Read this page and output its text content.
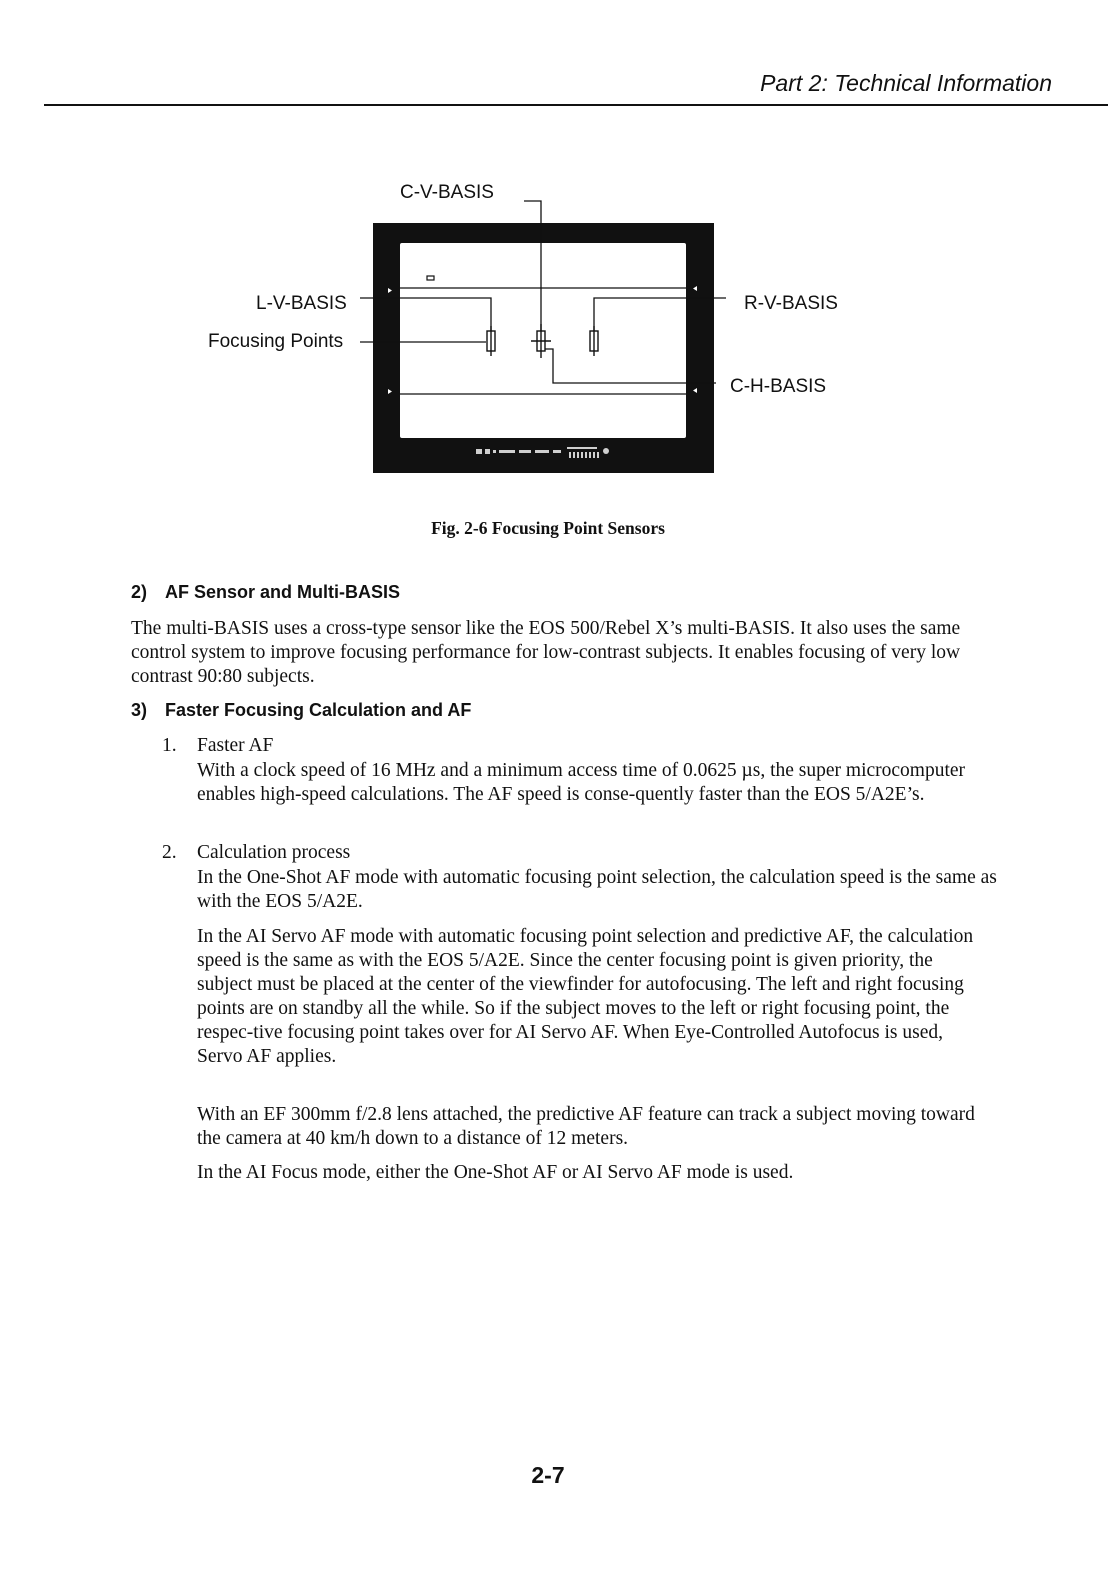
Part 2: Technical Information
C-V-BASIS
L-V-BASIS
Focusing Points
R-V-BASIS
C-H-BASIS
Fig. 2-6 Focusing Point Sensors
2) AF Sensor and Multi-BASIS
The multi-BASIS uses a cross-type sensor like the EOS 500/Rebel X’s multi-BASIS. It also uses the same control system to improve focusing performance for low-contrast subjects. It enables focusing of very low contrast 90:80 subjects.
3) Faster Focusing Calculation and AF
1. Faster AF
With a clock speed of 16 MHz and a minimum access time of 0.0625 µs, the super microcomputer enables high-speed calculations. The AF speed is conse-quently faster than the EOS 5/A2E’s.
2. Calculation process
In the One-Shot AF mode with automatic focusing point selection, the calculation speed is the same as with the EOS 5/A2E.
In the AI Servo AF mode with automatic focusing point selection and predictive AF, the calculation speed is the same as with the EOS 5/A2E. Since the center focusing point is given priority, the subject must be placed at the center of the viewfinder for autofocusing. The left and right focusing points are on standby all the while. So if the subject moves to the left or right focusing point, the respec-tive focusing point takes over for AI Servo AF. When Eye-Controlled Autofocus is used, Servo AF applies.
With an EF 300mm f/2.8 lens attached, the predictive AF feature can track a subject moving toward the camera at 40 km/h down to a distance of 12 meters.
In the AI Focus mode, either the One-Shot AF or AI Servo AF mode is used.
2-7
